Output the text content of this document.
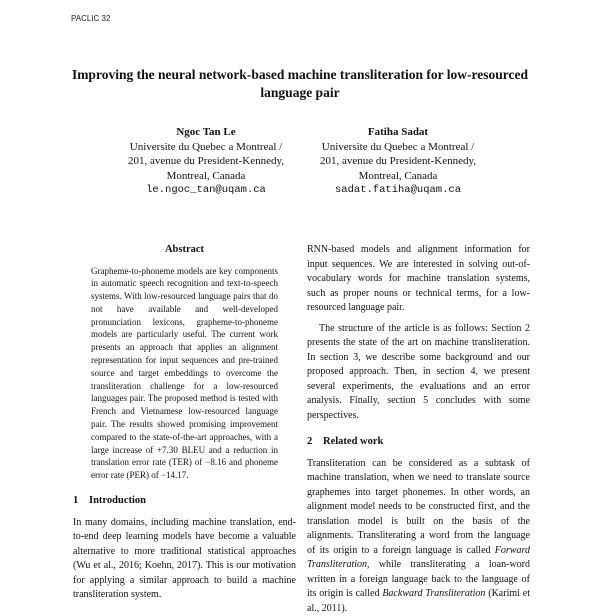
PACLIC 32
Improving the neural network-based machine transliteration for low-resourced language pair
Ngoc Tan Le
Universite du Quebec a Montreal /
201, avenue du President-Kennedy,
Montreal, Canada
le.ngoc_tan@uqam.ca
Fatiha Sadat
Universite du Quebec a Montreal /
201, avenue du President-Kennedy,
Montreal, Canada
sadat.fatiha@uqam.ca
Abstract

Grapheme-to-phoneme models are key components in automatic speech recognition and text-to-speech systems. With low-resourced language pairs that do not have available and well-developed pronunciation lexicons, grapheme-to-phoneme models are particularly useful. The current work presents an approach that applies an alignment representation for input sequences and pre-trained source and target embeddings to overcome the transliteration challenge for a low-resourced languages pair. The proposed method is tested with French and Vietnamese low-resourced language pair. The results showed promising improvement compared to the state-of-the-art approaches, with a large increase of +7.30 BLEU and a reduction in translation error rate (TER) of −8.16 and phoneme error rate (PER) of −14.17.

1 Introduction

In many domains, including machine translation, end-to-end deep learning models have become a valuable alternative to more traditional statistical approaches (Wu et al., 2016; Koehn, 2017). This is our motivation for applying a similar approach to build a machine transliteration system.

RNN-based models and alignment information for input sequences. We are interested in solving out-of-vocabulary words for machine translation systems, such as proper nouns or technical terms, for a low-resourced language pair.

The structure of the article is as follows: Section 2 presents the state of the art on machine transliteration. In section 3, we describe some background and our proposed approach. Then, in section 4, we present several experiments, the evaluations and an error analysis. Finally, section 5 concludes with some perspectives.

2 Related work

Transliteration can be considered as a subtask of machine translation, when we need to translate source graphemes into target phonemes. In other words, an alignment model needs to be constructed first, and the translation model is built on the basis of the alignments. Transliterating a word from the language of its origin to a foreign language is called Forward Transliteration, while transliterating a loan-word written in a foreign language back to the language of its origin is called Backward Transliteration (Karimi et al., 2011).
